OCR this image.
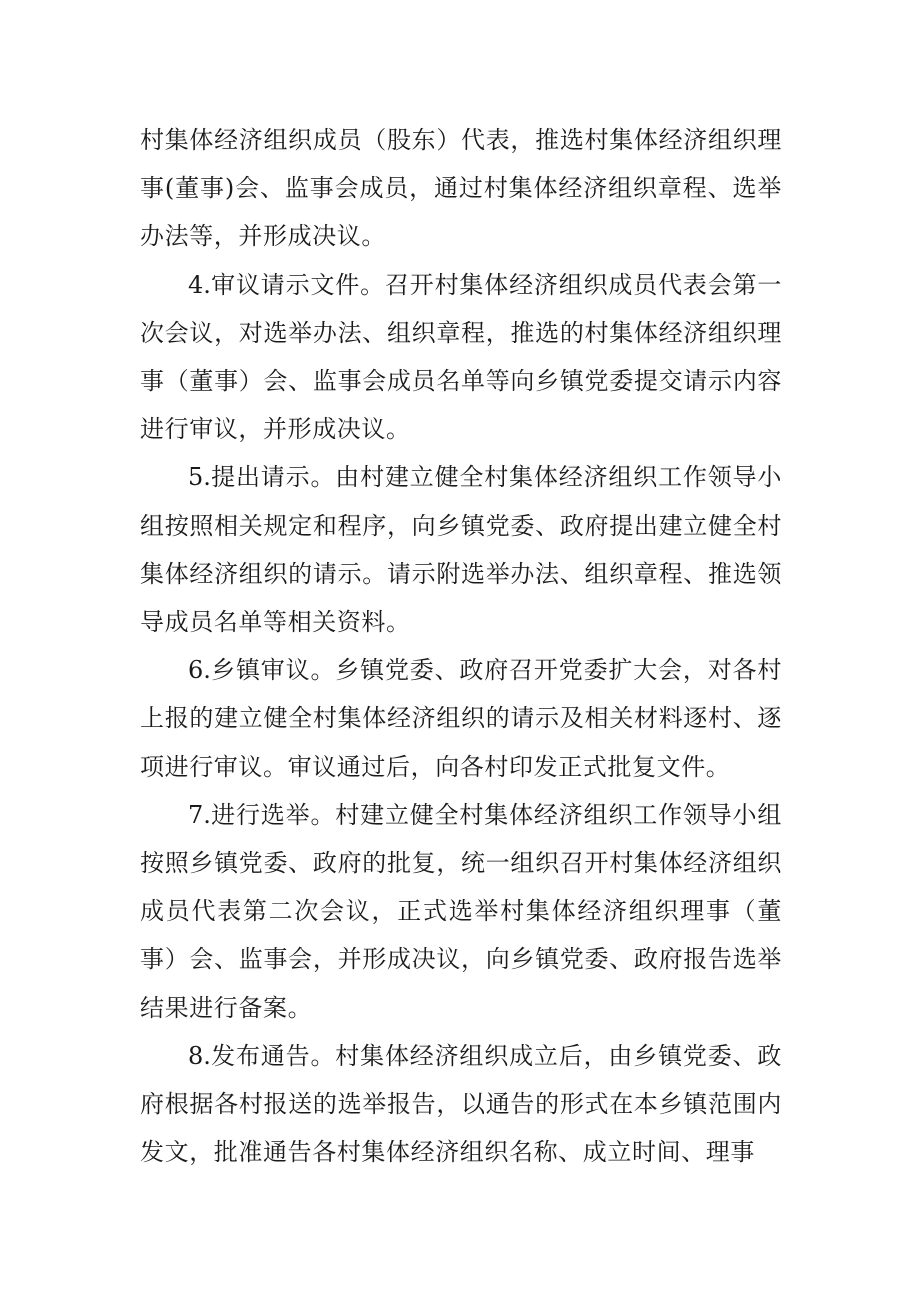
村集体经济组织成员（股东）代表，推选村集体经济组织理事(董事)会、监事会成员，通过村集体经济组织章程、选举办法等，并形成决议。

4.审议请示文件。召开村集体经济组织成员代表会第一次会议，对选举办法、组织章程，推选的村集体经济组织理事（董事）会、监事会成员名单等向乡镇党委提交请示内容进行审议，并形成决议。

5.提出请示。由村建立健全村集体经济组织工作领导小组按照相关规定和程序，向乡镇党委、政府提出建立健全村集体经济组织的请示。请示附选举办法、组织章程、推选领导成员名单等相关资料。

6.乡镇审议。乡镇党委、政府召开党委扩大会，对各村上报的建立健全村集体经济组织的请示及相关材料逐村、逐项进行审议。审议通过后，向各村印发正式批复文件。

7.进行选举。村建立健全村集体经济组织工作领导小组按照乡镇党委、政府的批复，统一组织召开村集体经济组织成员代表第二次会议，正式选举村集体经济组织理事（董事）会、监事会，并形成决议，向乡镇党委、政府报告选举结果进行备案。

8.发布通告。村集体经济组织成立后，由乡镇党委、政府根据各村报送的选举报告，以通告的形式在本乡镇范围内发文，批准通告各村集体经济组织名称、成立时间、理事
